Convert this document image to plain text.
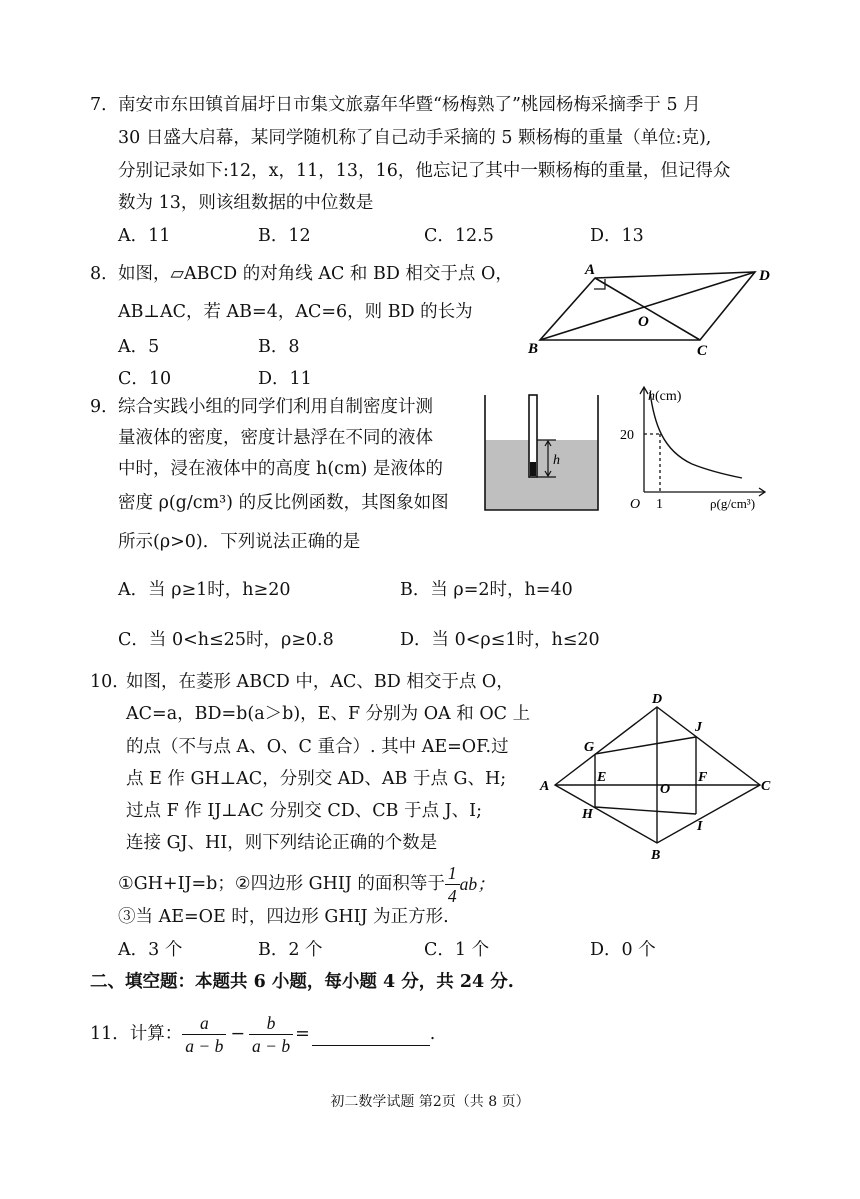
7． 南安市东田镇首届圩日市集文旅嘉年华暨“杨梅熟了”桃园杨梅采摘季于 5 月
30 日盛大启幕，某同学随机称了自己动手采摘的 5 颗杨梅的重量（单位:克),
分别记录如下:12，x，11，13，16，他忘记了其中一颗杨梅的重量，但记得众
数为 13，则该组数据的中位数是
A．11	B．12	C．12.5	D．13
8． 如图，▱ABCD 的对角线 AC 和 BD 相交于点 O，
AB⊥AC，若 AB=4，AC=6，则 BD 的长为
A．5	B．8
C．10	D．11
A
B	C
D
O
9． 综合实践小组的同学们利用自制密度计测
量液体的密度，密度计悬浮在不同的液体
中时，浸在液体中的高度 h(cm) 是液体的
密度 ρ(g/cm³) 的反比例函数，其图象如图
所示(ρ>0)．下列说法正确的是
A．当 ρ≥1时，h≥20	B．当 ρ=2时，h=40
C．当 0<h≤25时，ρ≥0.8	D．当 0<ρ≤1时，h≤20
h
h(cm)
20
1
O	ρ(g/cm³)
10．
如图，在菱形 ABCD 中，AC、BD 相交于点 O，
AC=a，BD=b(a＞b)，E、F 分别为 OA 和 OC 上
的点（不与点 A、O、C 重合）. 其中 AE=OF.过
点 E 作 GH⊥AC，分别交 AD、AB 于点 G、H;
过点 F 作 IJ⊥AC 分别交 CD、CB 于点 J、I;
连接 GJ、HI，则下列结论正确的个数是
①GH+IJ=b；②四边形 GHIJ 的面积等于 $\frac{1}{4}$ ab；
③当 AE=OE 时，四边形 GHIJ 为正方形.
A．3 个	B．2 个	C．1 个	D．0 个
A
B
C
D
E	F
G
H
I
J
O
二、填空题：本题共 6 小题，每小题 4 分，共 24 分.
11． 计算： $\frac{a}{a - b} - \frac{b}{a - b}$ =	.
初二数学试题 第2页（共 8 页）
